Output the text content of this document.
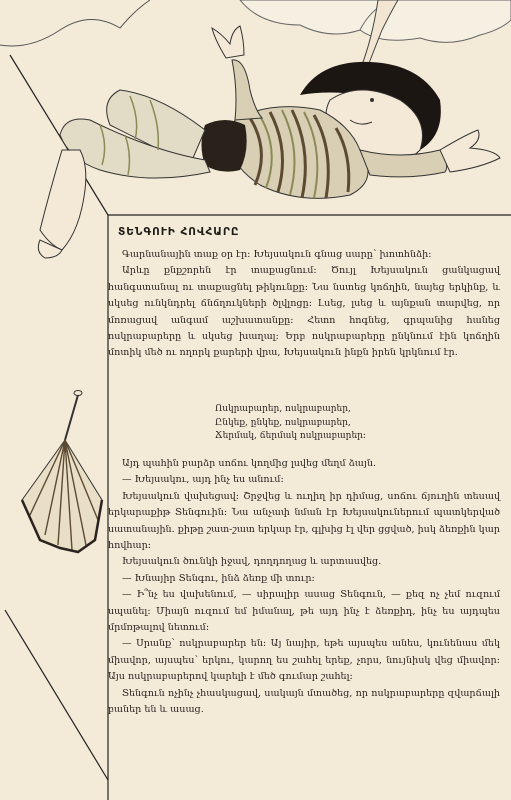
ՏԵՆԳՈՒԻ ՀՈՎՀԱՐԸ

Գարնանային տաք օր էր։ Խեյսակուն գնաց սարը՝ խոտհնձի։

Արևը քնքշորեն էր տաքացնում։ Ծույլ Խեյսակուն ցանկացավ հանգստանալ ու տաքացնել թիկունքը։ Նա նստեց կոճղին, նայեց երկինք, և սկսեց ունկնդրել ճնճղուկների ծլվլոցը։ Լսեց, լսեց և այնքան տարվեց, որ մոռացավ անգամ աշխատանքը։ Հետո հոգնեց, գրպանից հանեց ոսկրաբարերը և սկսեց խաղալ։ Երբ ոսկրաբարերը ընկնում էին կոճղին մոտիկ մեծ ու ողորկ քարերի վրա, Խեյսակուն ինքն իրեն կրկնում էր.

Ոսկրաբարեր, ոսկրաբարեր,
Ընկեք, ընկեք, ոսկրաբարեր,
Ճերմակ, ճերմակ ոսկրաբարեր։

Այդ պահին բարձր սոճու կողմից լսվեց մեղմ ձայն.

— Խեյսակու, այդ ինչ ես անում։

Խեյսակուն վախեցավ։ Շրջվեց և ուղիղ իր դիմաց, սոճու ճյուղին տեսավ երկարաքիթ Տենգուին։ Նա անչափ նման էր Խեյսակուներում պատկերված սատանային. քիթը շատ-շատ երկար էր, գլխից էլ վեր ցցված, իսկ ձեռքին կար հովհար։

Խեյսակուն ծունկի իջավ, դողդողաց և արտասվեց.

— Խնայիր Տենգու, ինձ ձեռք մի տուր։

— Ի՞նչ ես վախենում, — սիրալիր ասաց Տենգուն, — քեզ ոչ չեմ ուզում սպանել։ Միայն ուզում եմ իմանալ, թե այդ ինչ է ձեռքիդ, ինչ ես այդպես մրմռթալով նետում։

— Սրանք՝ ոսկրաբարեր են։ Այ նայիր, եթե այսպես անես, կունենաս մեկ միավոր, այսպես՝ երկու, կարող ես շահել երեք, չորս, նույնիսկ վեց միավոր։ Այս ոսկրաբարերով կարելի է մեծ գումար շահել։

Տենգուն ոչինչ չհասկացավ, սակայն մտածեց, որ ոսկրաբարերը զվարճալի բաներ են և ասաց.
